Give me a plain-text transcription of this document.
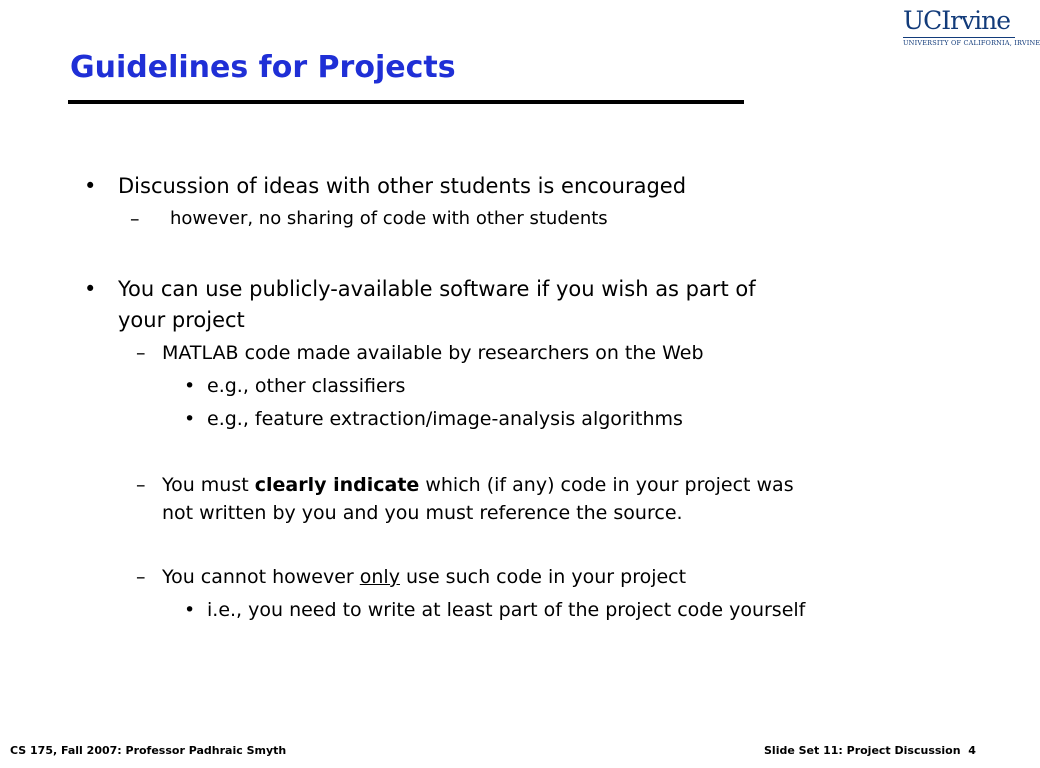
Guidelines for Projects
UCIrvine
UNIVERSITY OF CALIFORNIA, IRVINE
• Discussion of ideas with other students is encouraged
– however, no sharing of code with other students
• You can use publicly-available software if you wish as part of
your project
– MATLAB code made available by researchers on the Web
• e.g., other classifiers
• e.g., feature extraction/image-analysis algorithms
– You must clearly indicate which (if any) code in your project was
not written by you and you must reference the source.
– You cannot however only use such code in your project
• i.e., you need to write at least part of the project code yourself
CS 175, Fall 2007: Professor Padhraic Smyth	Slide Set 11: Project Discussion 4
